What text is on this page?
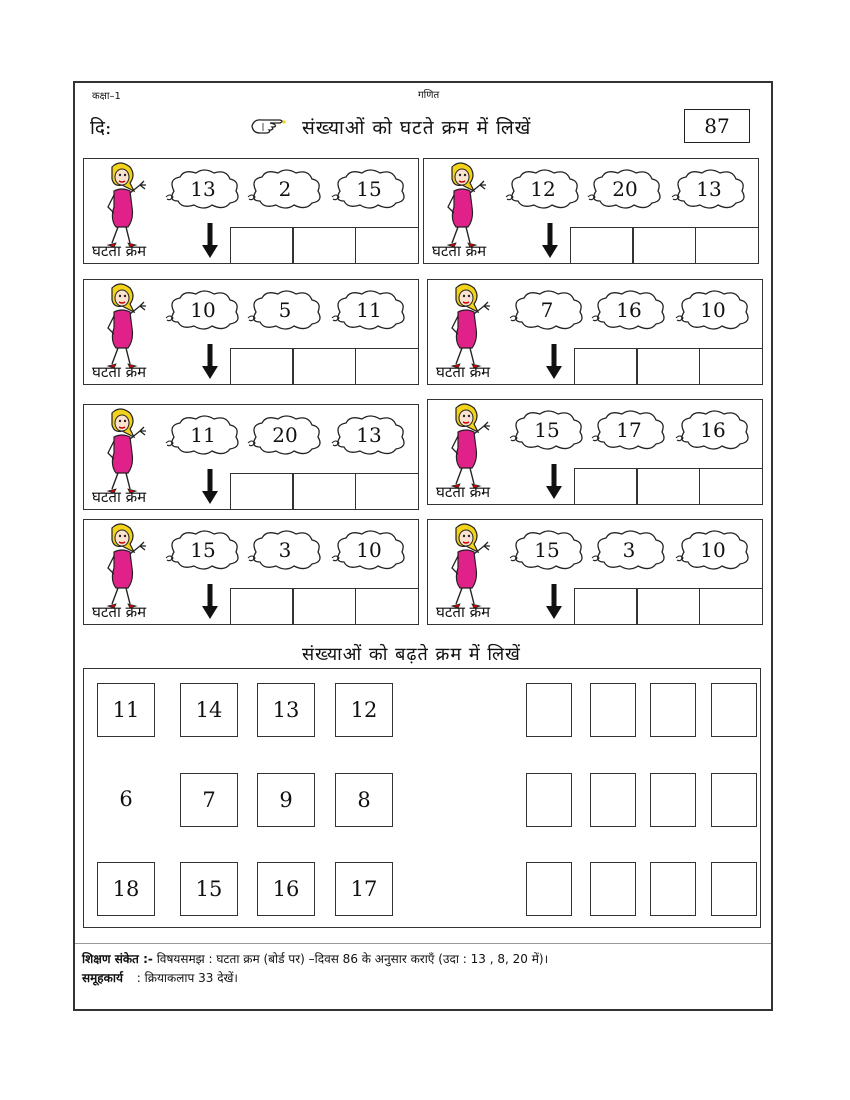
कक्षा–1	गणित
दि:	संख्याओं को घटते क्रम में लिखें	87
13	2	15
घटता क्रम
12	20	13
घटता क्रम
10	5	11
घटता क्रम
7	16	10
घटता क्रम
11	20	13
घटता क्रम
15	17	16
घटता क्रम
15	3	10
घटता क्रम
15	3	10
घटता क्रम
संख्याओं को बढ़ते क्रम में लिखें
11	14	13	12
6	7	9	8
18	15	16	17
शिक्षण संकेत :- विषयसमझ : घटता क्रम (बोर्ड पर) –दिवस 86 के अनुसार कराएँ (उदा : 13 , 8, 20 में)।
समूहकार्य : क्रियाकलाप 33 देखें।
